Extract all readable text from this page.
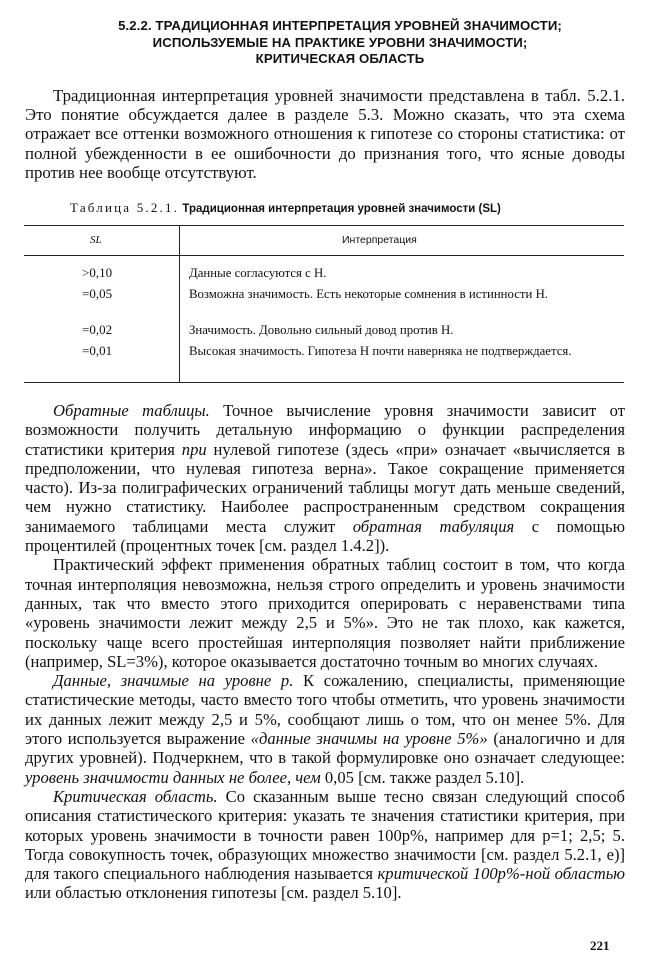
5.2.2. ТРАДИЦИОННАЯ ИНТЕРПРЕТАЦИЯ УРОВНЕЙ ЗНАЧИМОСТИ;
ИСПОЛЬЗУЕМЫЕ НА ПРАКТИКЕ УРОВНИ ЗНАЧИМОСТИ;
КРИТИЧЕСКАЯ ОБЛАСТЬ
Традиционная интерпретация уровней значимости представлена в табл. 5.2.1. Это понятие обсуждается далее в разделе 5.3. Можно сказать, что эта схема отражает все оттенки возможного отношения к гипотезе со стороны статистика: от полной убежденности в ее ошибочности до признания того, что ясные доводы против нее вообще отсутствуют.
Таблица 5.2.1. Традиционная интерпретация уровней значимости (SL)
SL	Интерпретация
>0,10	Данные согласуются с H.
=0,05	Возможна значимость. Есть некоторые сомнения в истинности H.
=0,02	Значимость. Довольно сильный довод против H.
=0,01	Высокая значимость. Гипотеза H почти наверняка не подтверждается.

Обратные таблицы. Точное вычисление уровня значимости зависит от возможности получить детальную информацию о функции распределения статистики критерия при нулевой гипотезе (здесь «при» означает «вычисляется в предположении, что нулевая гипотеза верна». Такое сокращение применяется часто). Из-за полиграфических ограничений таблицы могут дать меньше сведений, чем нужно статистику. Наиболее распространенным средством сокращения занимаемого таблицами места служит обратная табуляция с помощью процентилей (процентных точек [см. раздел 1.4.2]).

Практический эффект применения обратных таблиц состоит в том, что когда точная интерполяция невозможна, нельзя строго определить и уровень значимости данных, так что вместо этого приходится оперировать с неравенствами типа «уровень значимости лежит между 2,5 и 5%». Это не так плохо, как кажется, поскольку чаще всего простейшая интерполяция позволяет найти приближение (например, SL=3%), которое оказывается достаточно точным во многих случаях.

Данные, значимые на уровне p. К сожалению, специалисты, применяющие статистические методы, часто вместо того чтобы отметить, что уровень значимости их данных лежит между 2,5 и 5%, сообщают лишь о том, что он менее 5%. Для этого используется выражение «данные значимы на уровне 5%» (аналогично и для других уровней). Подчеркнем, что в такой формулировке оно означает следующее: уровень значимости данных не более, чем 0,05 [см. также раздел 5.10].

Критическая область. Со сказанным выше тесно связан следующий способ описания статистического критерия: указать те значения статистики критерия, при которых уровень значимости в точности равен 100p%, например для p=1; 2,5; 5. Тогда совокупность точек, образующих множество значимости [см. раздел 5.2.1, е)] для такого специального наблюдения называется критической 100p%-ной областью или областью отклонения гипотезы [см. раздел 5.10].

221
